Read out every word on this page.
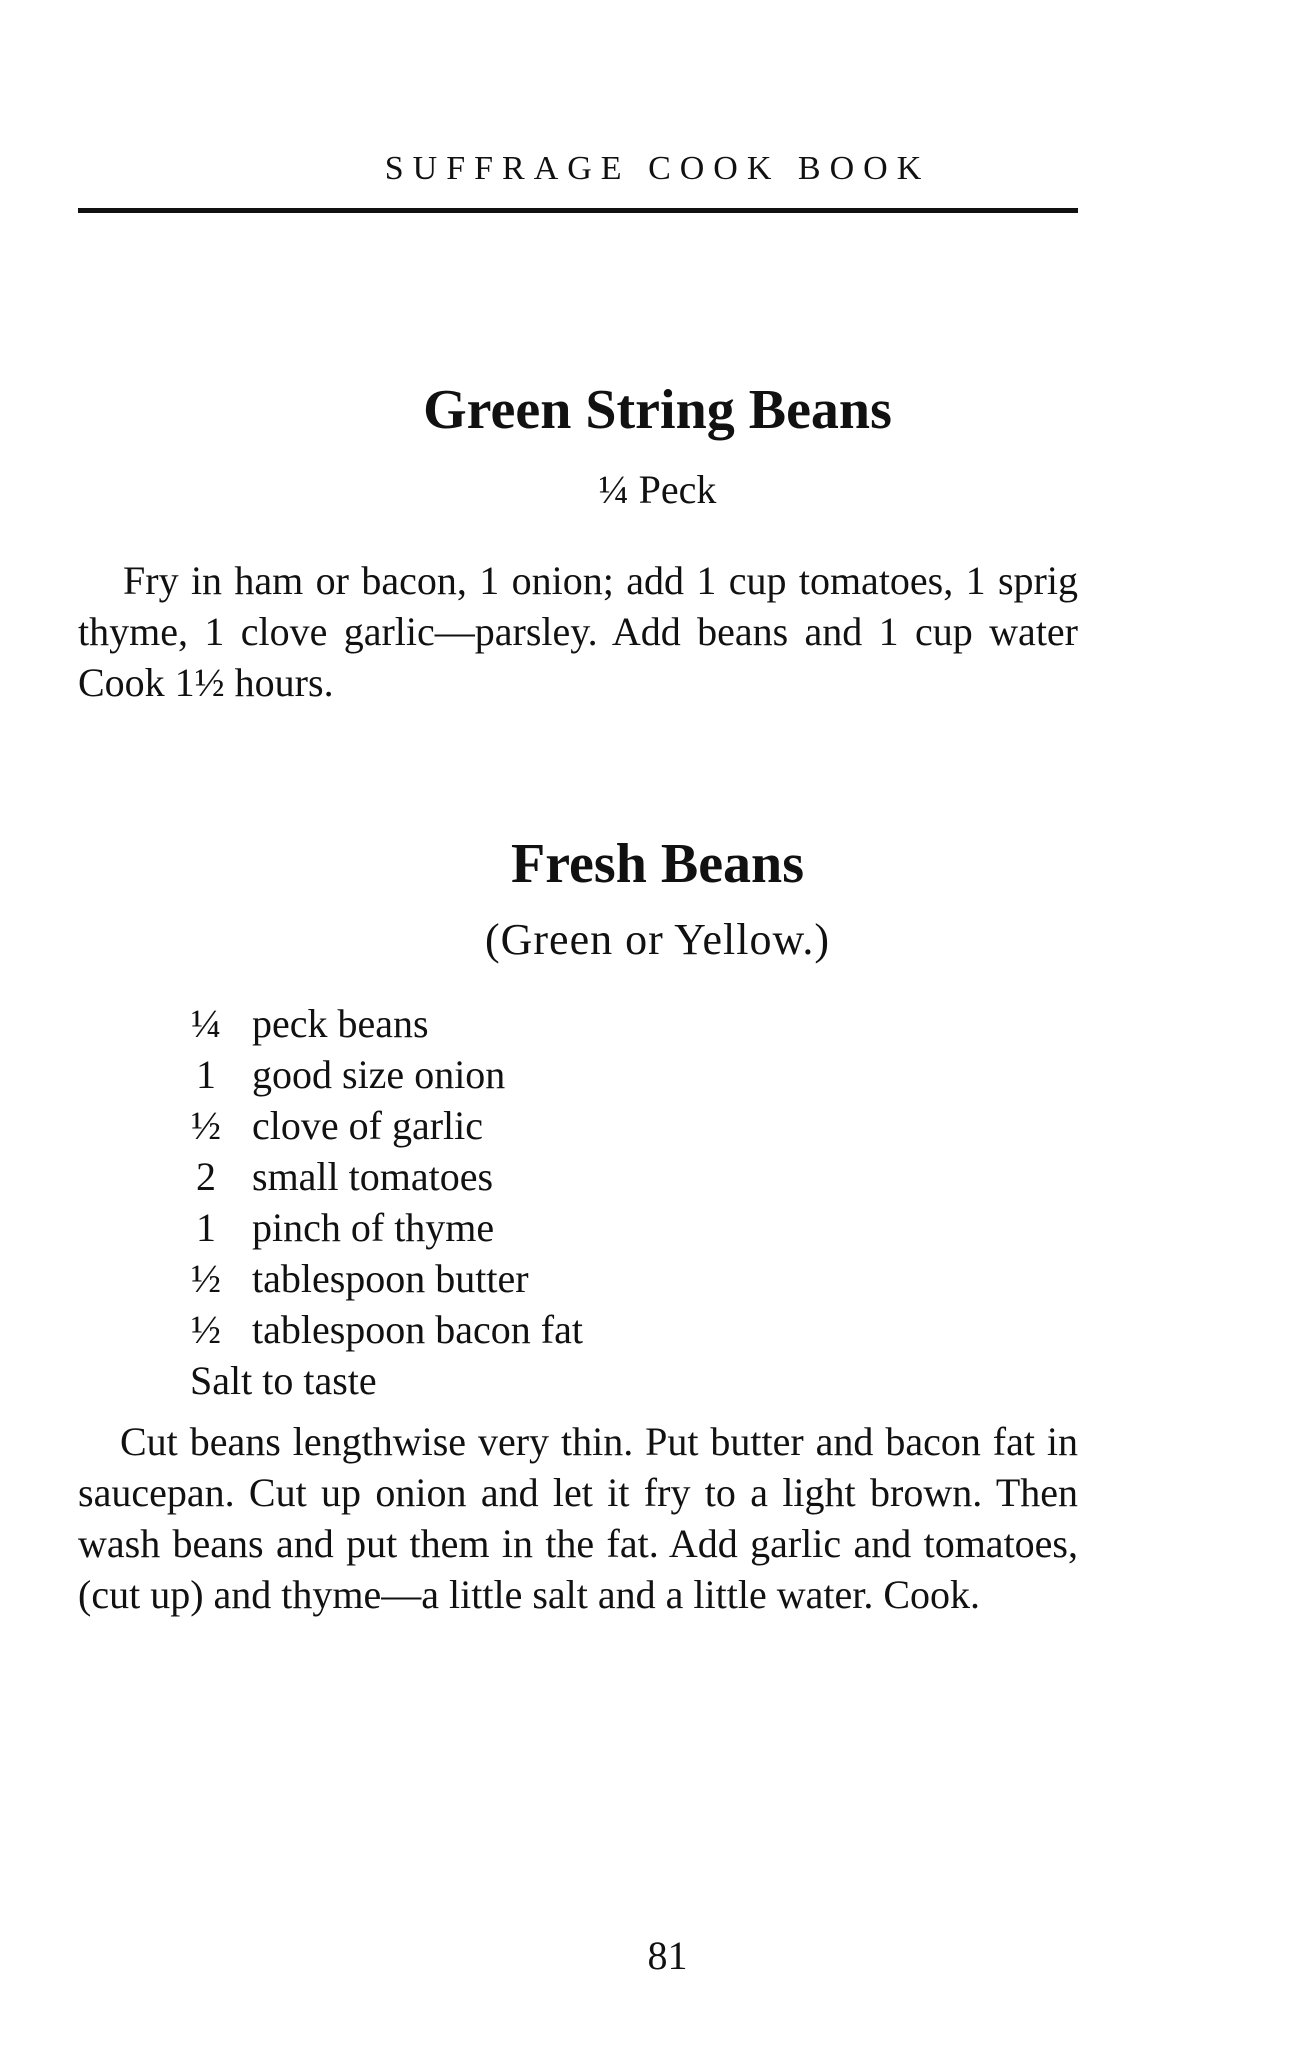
SUFFRAGE COOK BOOK
Green String Beans
¼ Peck

Fry in ham or bacon, 1 onion; add 1 cup tomatoes, 1 sprig thyme, 1 clove garlic—parsley. Add beans and 1 cup water Cook 1½ hours.

Fresh Beans
(Green or Yellow.)
¼ peck beans
1 good size onion
½ clove of garlic
2 small tomatoes
1 pinch of thyme
½ tablespoon butter
½ tablespoon bacon fat
Salt to taste

Cut beans lengthwise very thin. Put butter and bacon fat in saucepan. Cut up onion and let it fry to a light brown. Then wash beans and put them in the fat. Add garlic and tomatoes, (cut up) and thyme—a little salt and a little water. Cook.

81
